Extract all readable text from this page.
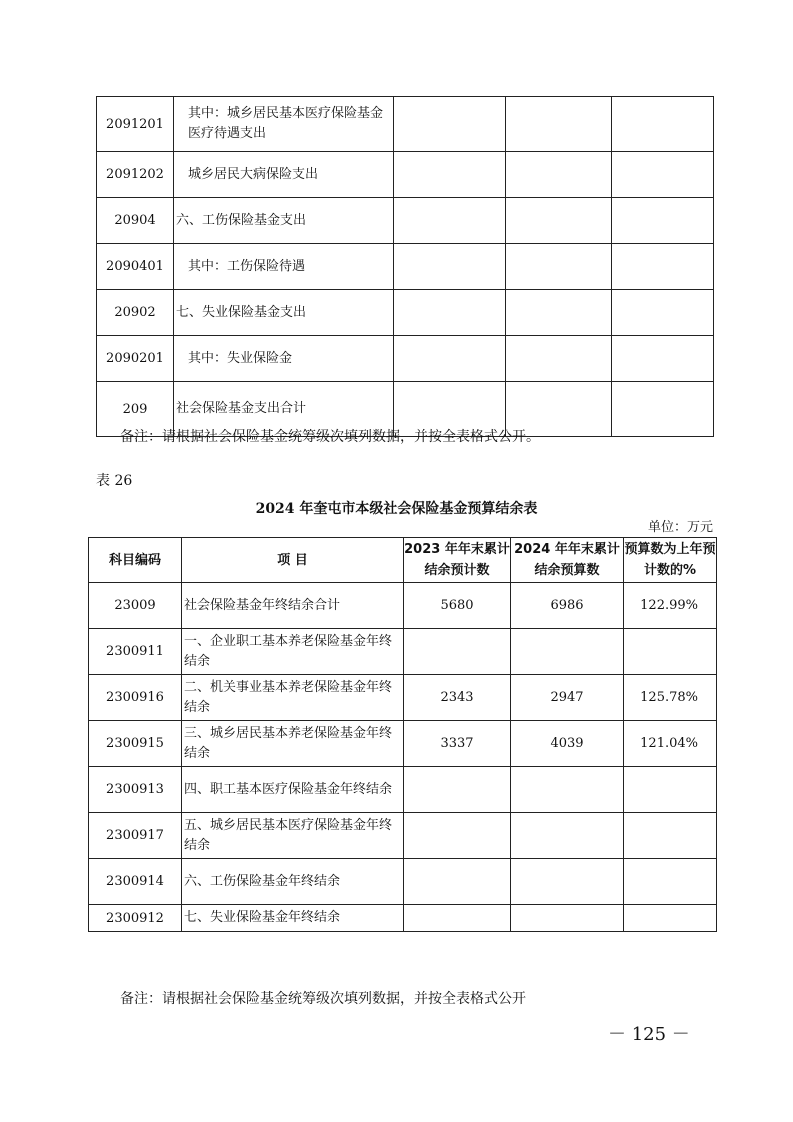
2091201	其中：城乡居民基本医疗保险基金医疗待遇支出			
2091202	城乡居民大病保险支出			
20904	六、工伤保险基金支出			
2090401	其中：工伤保险待遇			
20902	七、失业保险基金支出			
2090201	其中：失业保险金			
209	社会保险基金支出合计			
备注：请根据社会保险基金统筹级次填列数据，并按全表格式公开。
表 26
2024 年奎屯市本级社会保险基金预算结余表
单位：万元
科目编码	项 目	2023 年年末累计结余预计数	2024 年年末累计结余预算数	预算数为上年预计数的%
23009	社会保险基金年终结余合计	5680	6986	122.99%
2300911	一、企业职工基本养老保险基金年终结余			
2300916	二、机关事业基本养老保险基金年终结余	2343	2947	125.78%
2300915	三、城乡居民基本养老保险基金年终结余	3337	4039	121.04%
2300913	四、职工基本医疗保险基金年终结余			
2300917	五、城乡居民基本医疗保险基金年终结余			
2300914	六、工伤保险基金年终结余			
2300912	七、失业保险基金年终结余			
备注：请根据社会保险基金统筹级次填列数据，并按全表格式公开
－ 125 －
